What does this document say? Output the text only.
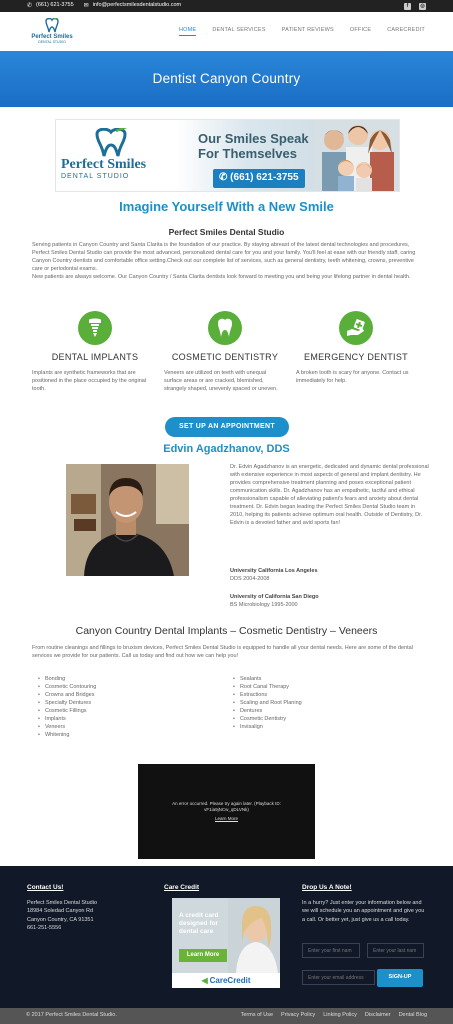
✆ (661) 621-3755 ✉ info@perfectsmilesdentalstudio.com	f	◎
Perfect Smiles
DENTAL STUDIO
HOME	DENTAL SERVICES	PATIENT REVIEWS	OFFICE	CARECREDIT
Dentist Canyon Country
Perfect Smiles
DENTAL STUDIO
Our Smiles Speak
For Themselves
✆ (661) 621-3755
Imagine Yourself With a New Smile
Perfect Smiles Dental Studio
Serving patients in Canyon Country and Santa Clarita is the foundation of our practice. By staying abreast of the latest dental technologies and procedures, Perfect Smiles Dental Studio can provide the most advanced, personalized dental care for you and your family. You'll feel at ease with our friendly staff, caring Canyon Country dentists and comfortable office setting.Check out our complete list of services, such as general dentistry, teeth whitening, crowns, preventive care or periodontal exams.
New patients are always welcome. Our Canyon Country / Santa Clarita dentists look forward to meeting you and being your lifelong partner in dental health.
DENTAL IMPLANTS	COSMETIC DENTISTRY	EMERGENCY DENTIST
Implants are synthetic frameworks that are positioned in the place occupied by the original tooth.
Veneers are utilized on teeth with unequal surface areas or are cracked, blemished, strangely shaped, unevenly spaced or uneven.
A broken tooth is scary for anyone. Contact us immediately for help.
SET UP AN APPOINTMENT
Edvin Agadzhanov, DDS
Dr. Edvin Agadzhanov is an energetic, dedicated and dynamic dental professional with extensive experience in most aspects of general and implant dentistry. He provides comprehensive treatment planning and poses exceptional patient communication skills. Dr. Agadzhanov has an empathetic, tactful and ethical professionalism capable of alleviating patient's fears and anxiety about dental treatment. Dr. Edvin began leading the Perfect Smiles Dental Studio team in 2010, helping its patients achieve optimum oral health. Outside of Dentistry, Dr. Edvin is a devoted father and avid sports fan!
University California Los Angeles
DDS 2004-2008
University of California San Diego
BS Microbiology 1995-2000
Canyon Country Dental Implants – Cosmetic Dentistry – Veneers
From routine cleanings and fillings to bruxism devices, Perfect Smiles Dental Studio is equipped to handle all your dental needs. Here are some of the dental services we provide for our patients. Call us today and find out how we can help you!
• Bonding
• Cosmetic Contouring
• Crowns and Bridges
• Specialty Dentures
• Cosmetic Fillings
• Implants
• Veneers
• Whitening
• Sealants
• Root Canal Therapy
• Extractions
• Scaling and Root Planing
• Dentures
• Cosmetic Dentistry
• Invisalign
An error occurred. Please try again later. (Playback ID:
vF1ia9jNCw_qDLVNk)
Learn More
Contact Us!
Perfect Smiles Dental Studio
18984 Soledad Canyon Rd
Canyon Country, CA 91351
661-251-5556
Care Credit
A credit card
designed for
dental care
Learn More
◀ CareCredit
Drop Us A Note!
In a hurry? Just enter your information below and we will schedule you an appointment and give you a call. Or better yet, just give us a call today.
Enter your first nam
Enter your last nam
Enter your email address
SIGN-UP
© 2017 Perfect Smiles Dental Studio.	Terms of Use Privacy Policy Linking Policy Disclaimer Dental Blog
